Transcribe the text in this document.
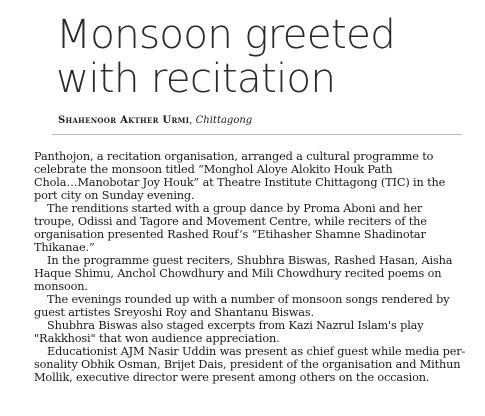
Monsoon greeted
with recitation
Shahenoor Akther Urmi, Chittagong
Panthojon, a recitation organisation, arranged a cultural programme to
celebrate the monsoon titled “Monghol Aloye Alokito Houk Path
Chola…Manobotar Joy Houk” at Theatre Institute Chittagong (TIC) in the
port city on Sunday evening.
The renditions started with a group dance by Proma Aboni and her
troupe, Odissi and Tagore and Movement Centre, while reciters of the
organisation presented Rashed Rouf’s “Etihasher Shamne Shadinotar
Thikanae.”
In the programme guest reciters, Shubhra Biswas, Rashed Hasan, Aisha
Haque Shimu, Anchol Chowdhury and Mili Chowdhury recited poems on
monsoon.
The evenings rounded up with a number of monsoon songs rendered by
guest artistes Sreyoshi Roy and Shantanu Biswas.
Shubhra Biswas also staged excerpts from Kazi Nazrul Islam's play
"Rakkhosi" that won audience appreciation.
Educationist AJM Nasir Uddin was present as chief guest while media per-
sonality Obhik Osman, Brijet Dais, president of the organisation and Mithun
Mollik, executive director were present among others on the occasion.
